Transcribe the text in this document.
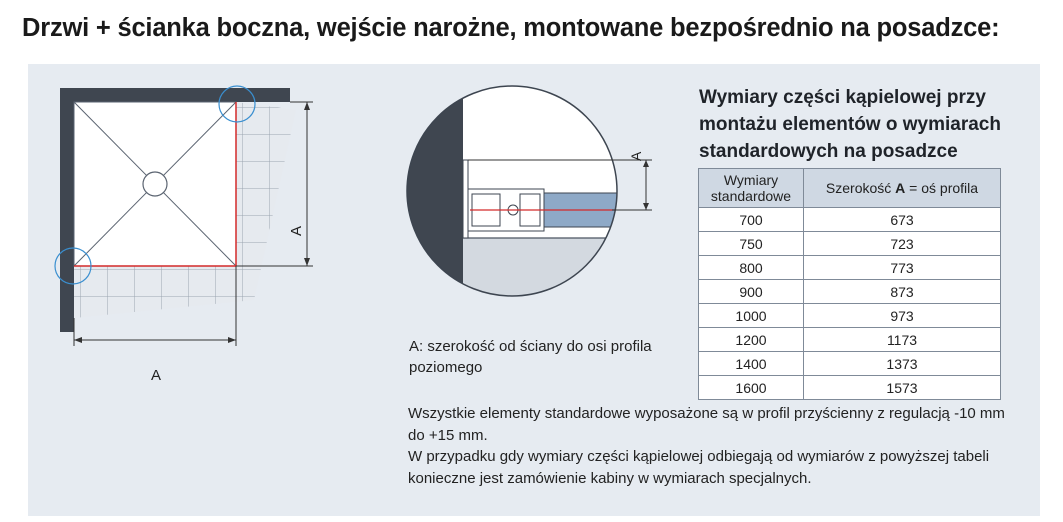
Drzwi + ścianka boczna, wejście narożne, montowane bezpośrednio na posadzce:
A
A
A
A: szerokość od ściany do osi profila poziomego
Wymiary części kąpielowej przy montażu elementów o wymiarach standardowych na posadzce
Wymiary standardowe	Szerokość A = oś profila
700	673
750	723
800	773
900	873
1000	973
1200	1173
1400	1373
1600	1573

Wszystkie elementy standardowe wyposażone są w profil przyścienny z regulacją -10 mm do +15 mm.

W przypadku gdy wymiary części kąpielowej odbiegają od wymiarów z powyższej tabeli konieczne jest zamówienie kabiny w wymiarach specjalnych.
